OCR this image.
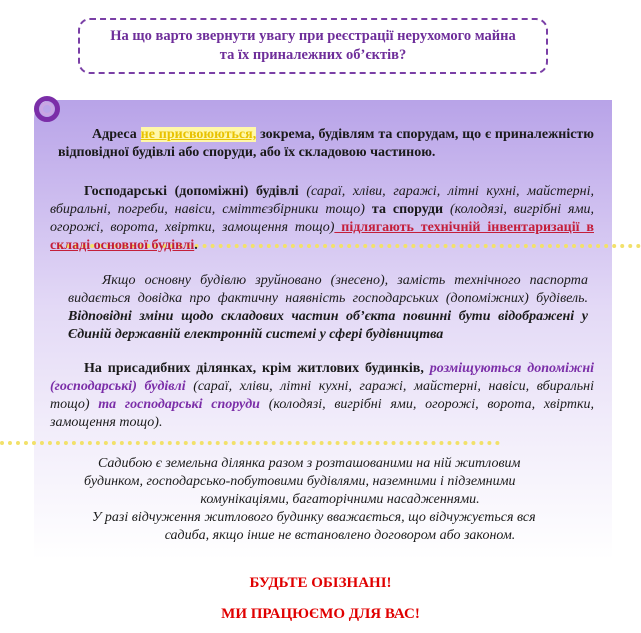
На що варто звернути увагу при реєстрації нерухомого майна
та їх приналежних об’єктів?
Адреса не присвоюються, зокрема, будівлям та спорудам, що є приналежністю відповідної будівлі або споруди, або їх складовою частиною.
Господарські (допоміжні) будівлі (сараї, хліви, гаражі, літні кухні, майстерні, вбиральні, погреби, навіси, сміттєзбірники тощо) та споруди (колодязі, вигрібні ями, огорожі, ворота, хвіртки, замощення тощо) підлягають технічній інвентаризації в складі основної будівлі.
Якщо основну будівлю зруйновано (знесено), замість технічного паспорта видається довідка про фактичну наявність господарських (допоміжних) будівель. Відповідні зміни щодо складових частин об’єкта повинні бути відображені у Єдиній державній електронній системі у сфері будівництва
На присадибних ділянках, крім житлових будинків, розміщуються допоміжні (господарські) будівлі (сараї, хліви, літні кухні, гаражі, майстерні, навіси, вбиральні тощо) та господарські споруди (колодязі, вигрібні ями, огорожі, ворота, хвіртки, замощення тощо).
Садибою є земельна ділянка разом з розташованими на ній житловим
будинком, господарсько-побутовими будівлями, наземними і підземними
комунікаціями, багаторічними насадженнями.
У разі відчуження житлового будинку вважається, що відчужується вся
садиба, якщо інше не встановлено договором або законом.
БУДЬТЕ ОБІЗНАНІ!
МИ ПРАЦЮЄМО ДЛЯ ВАС!
